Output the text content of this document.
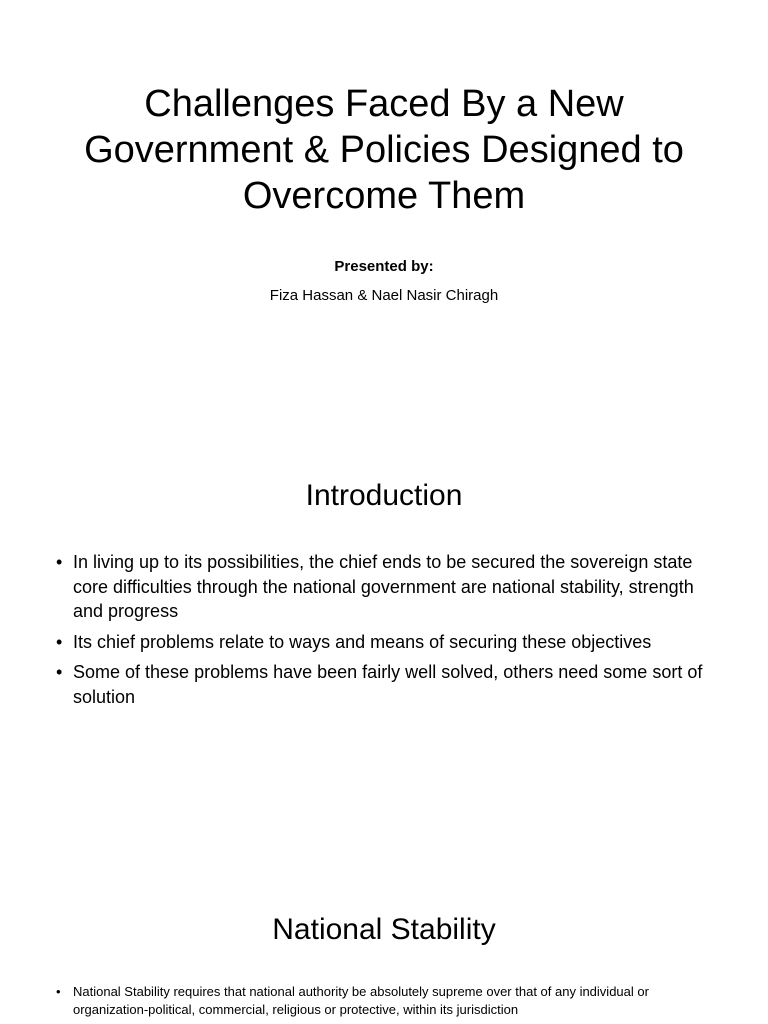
Challenges Faced By a New Government & Policies Designed to Overcome Them
Presented by:
Fiza Hassan & Nael Nasir Chiragh
Introduction
• In living up to its possibilities, the chief ends to be secured the sovereign state core difficulties through the national government are national stability, strength and progress
• Its chief problems relate to ways and means of securing these objectives
• Some of these problems have been fairly well solved, others need some sort of solution
National Stability
• National Stability requires that national authority be absolutely supreme over that of any individual or organization-political, commercial, religious or protective, within its jurisdiction
